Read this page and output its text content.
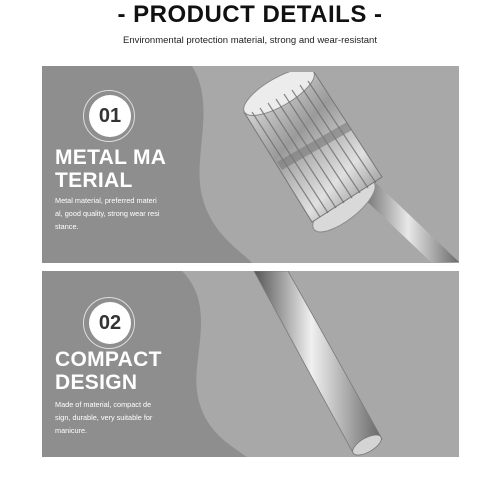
- PRODUCT DETAILS -
Environmental protection material, strong and wear-resistant
01
METAL MA
TERIAL
Metal material, preferred materi
al, good quality, strong wear resi
stance.
02
COMPACT
DESIGN
Made of material, compact de
sign, durable, very suitable for
manicure.
